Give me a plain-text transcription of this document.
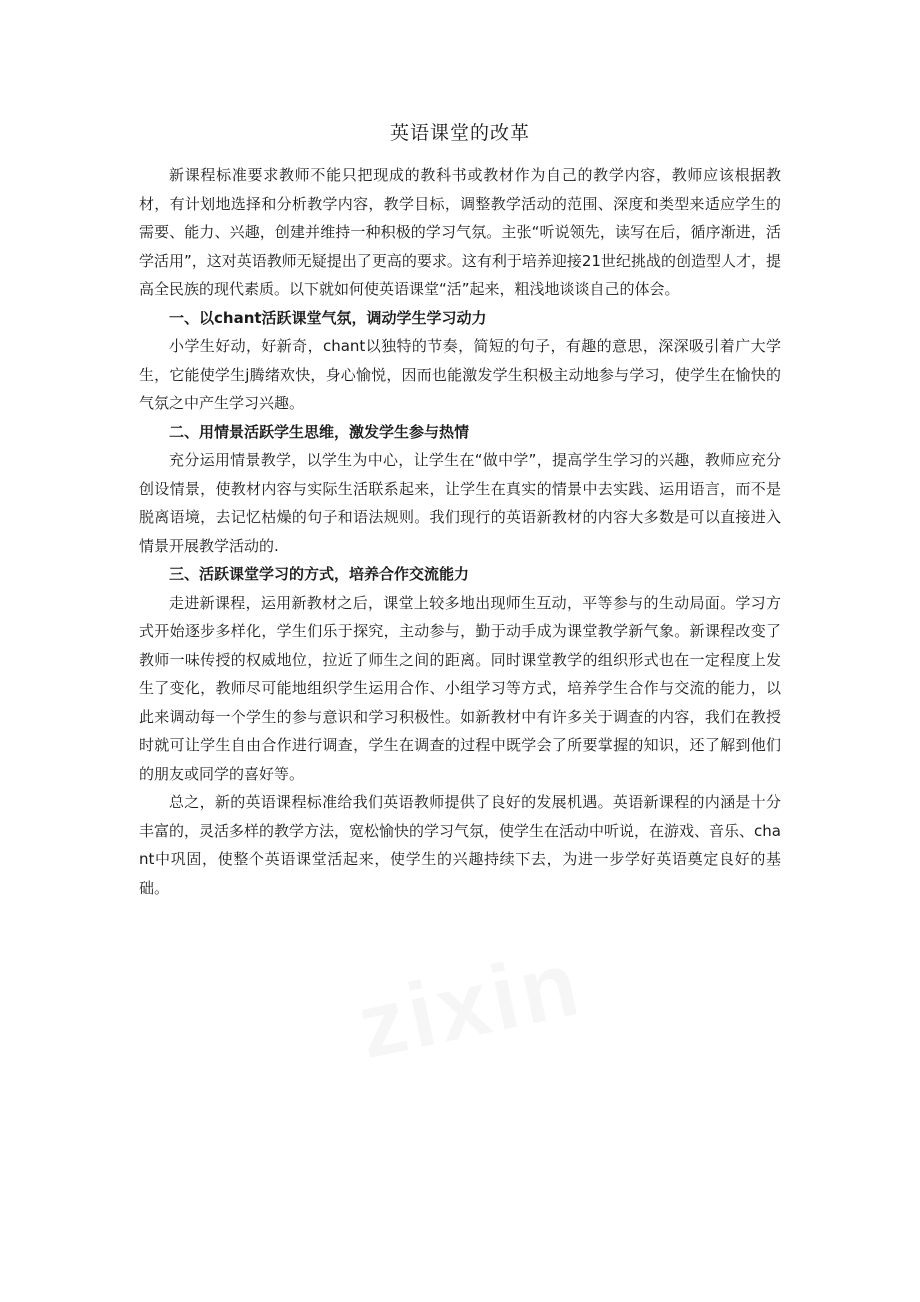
英语课堂的改革

新课程标准要求教师不能只把现成的教科书或教材作为自己的教学内容，教师应该根据教材，有计划地选择和分析教学内容，教学目标，调整教学活动的范围、深度和类型来适应学生的需要、能力、兴趣，创建并维持一种积极的学习气氛。主张“听说领先，读写在后，循序渐进，活学活用”，这对英语教师无疑提出了更高的要求。这有利于培养迎接21世纪挑战的创造型人才，提高全民族的现代素质。以下就如何使英语课堂“活”起来，粗浅地谈谈自己的体会。

一、以chant活跃课堂气氛，调动学生学习动力

小学生好动，好新奇，chant以独特的节奏，简短的句子，有趣的意思，深深吸引着广大学生，它能使学生j腾绪欢快，身心愉悦，因而也能激发学生积极主动地参与学习，使学生在愉快的气氛之中产生学习兴趣。

二、用情景活跃学生思维，激发学生参与热情

充分运用情景教学，以学生为中心，让学生在“做中学”，提高学生学习的兴趣，教师应充分创设情景，使教材内容与实际生活联系起来，让学生在真实的情景中去实践、运用语言，而不是脱离语境，去记忆枯燥的句子和语法规则。我们现行的英语新教材的内容大多数是可以直接进入情景开展教学活动的.

三、活跃课堂学习的方式，培养合作交流能力

走进新课程，运用新教材之后，课堂上较多地出现师生互动，平等参与的生动局面。学习方式开始逐步多样化，学生们乐于探究，主动参与，勤于动手成为课堂教学新气象。新课程改变了教师一味传授的权威地位，拉近了师生之间的距离。同时课堂教学的组织形式也在一定程度上发生了变化，教师尽可能地组织学生运用合作、小组学习等方式，培养学生合作与交流的能力，以此来调动每一个学生的参与意识和学习积极性。如新教材中有许多关于调查的内容，我们在教授时就可让学生自由合作进行调查，学生在调查的过程中既学会了所要掌握的知识，还了解到他们的朋友或同学的喜好等。

总之，新的英语课程标准给我们英语教师提供了良好的发展机遇。英语新课程的内涵是十分丰富的，灵活多样的教学方法，宽松愉快的学习气氛，使学生在活动中听说，在游戏、音乐、chant中巩固，使整个英语课堂活起来，使学生的兴趣持续下去，为进一步学好英语奠定良好的基础。
